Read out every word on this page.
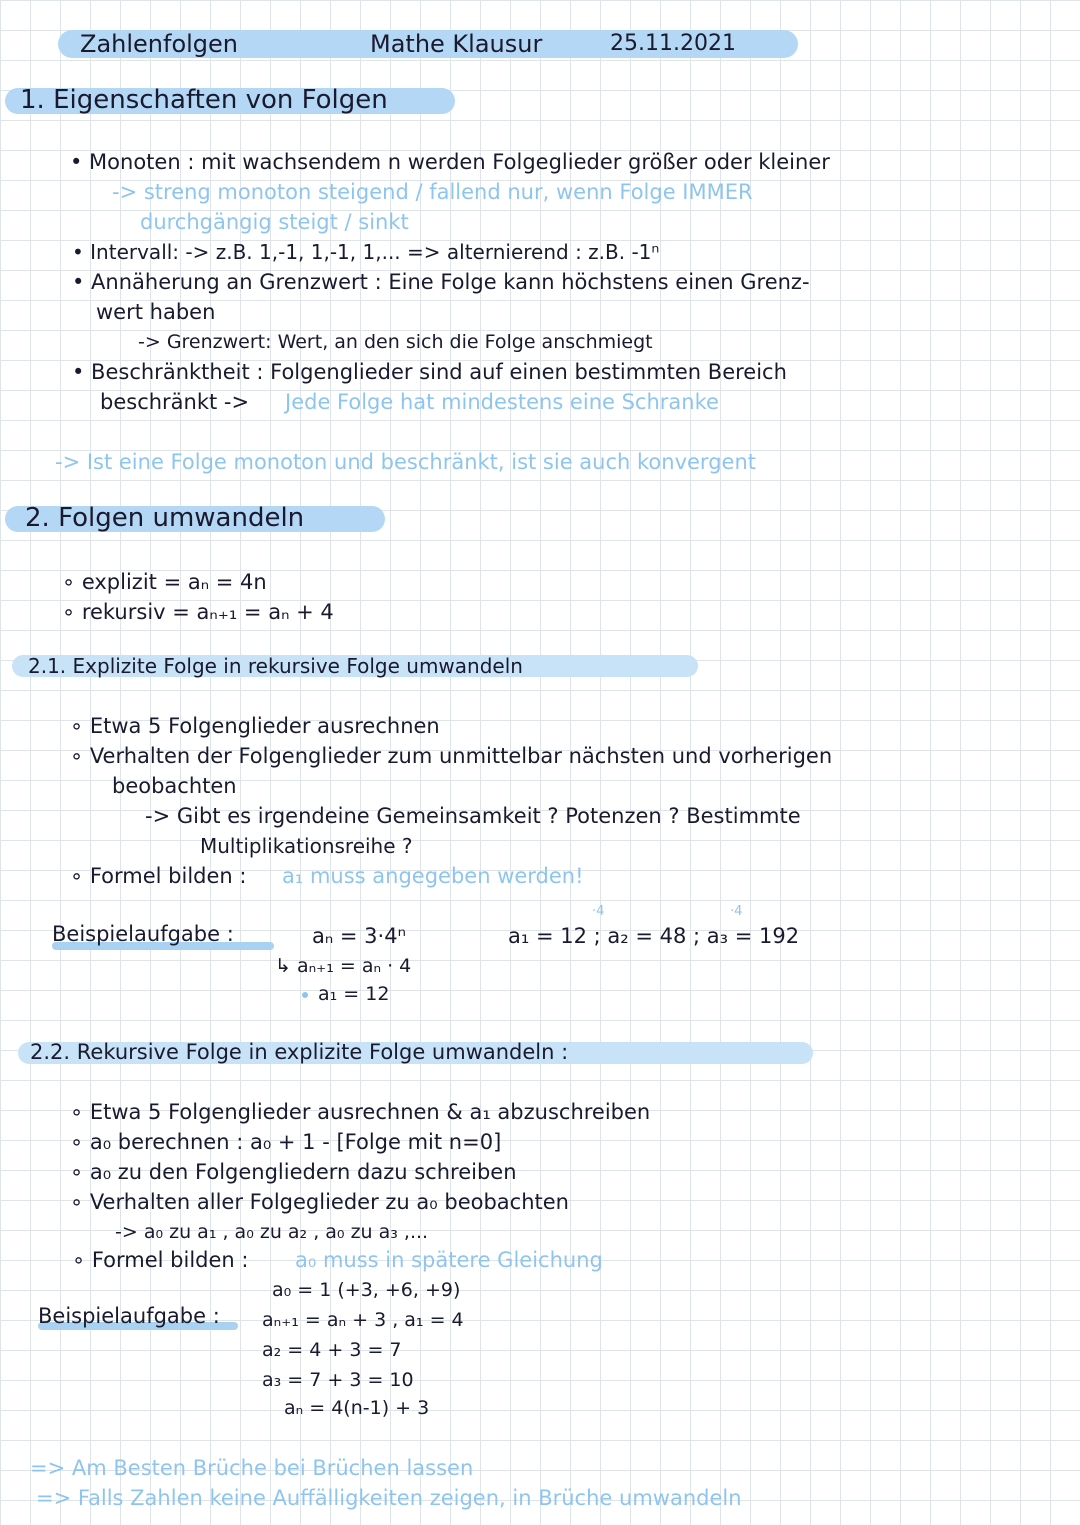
Zahlenfolgen	Mathe Klausur	25.11.2021
1. Eigenschaften von Folgen
• Monoten : mit wachsendem n werden Folgeglieder größer oder kleiner
-> streng monoton steigend / fallend nur, wenn Folge IMMER
durchgängig steigt / sinkt
• Intervall: -> z.B. 1,-1, 1,-1, 1,... => alternierend : z.B. -1ⁿ
• Annäherung an Grenzwert : Eine Folge kann höchstens einen Grenz-
wert haben
-> Grenzwert: Wert, an den sich die Folge anschmiegt
• Beschränktheit : Folgenglieder sind auf einen bestimmten Bereich
beschränkt -> Jede Folge hat mindestens eine Schranke
-> Ist eine Folge monoton und beschränkt, ist sie auch konvergent
2. Folgen umwandeln
∘ explizit = aₙ = 4n
∘ rekursiv = aₙ₊₁ = aₙ + 4
2.1. Explizite Folge in rekursive Folge umwandeln
∘ Etwa 5 Folgenglieder ausrechnen
∘ Verhalten der Folgenglieder zum unmittelbar nächsten und vorherigen
beobachten
-> Gibt es irgendeine Gemeinsamkeit ? Potenzen ? Bestimmte
Multiplikationsreihe ?
∘ Formel bilden : a₁ muss angegeben werden!
Beispielaufgabe :	aₙ = 3·4ⁿ
↳ aₙ₊₁ = aₙ · 4
a₁ = 12
·4	·4
a₁ = 12 ; a₂ = 48 ; a₃ = 192
2.2. Rekursive Folge in explizite Folge umwandeln :
∘ Etwa 5 Folgenglieder ausrechnen & a₁ abzuschreiben
∘ a₀ berechnen : a₀ + 1 - [Folge mit n=0]
∘ a₀ zu den Folgengliedern dazu schreiben
∘ Verhalten aller Folgeglieder zu a₀ beobachten
-> a₀ zu a₁ , a₀ zu a₂ , a₀ zu a₃ ,...
∘ Formel bilden : a₀ muss in spätere Gleichung
Beispielaufgabe :
a₀ = 1 (+3, +6, +9)
aₙ₊₁ = aₙ + 3 , a₁ = 4
a₂ = 4 + 3 = 7
a₃ = 7 + 3 = 10
aₙ = 4(n-1) + 3
=> Am Besten Brüche bei Brüchen lassen
=> Falls Zahlen keine Auffälligkeiten zeigen, in Brüche umwandeln
